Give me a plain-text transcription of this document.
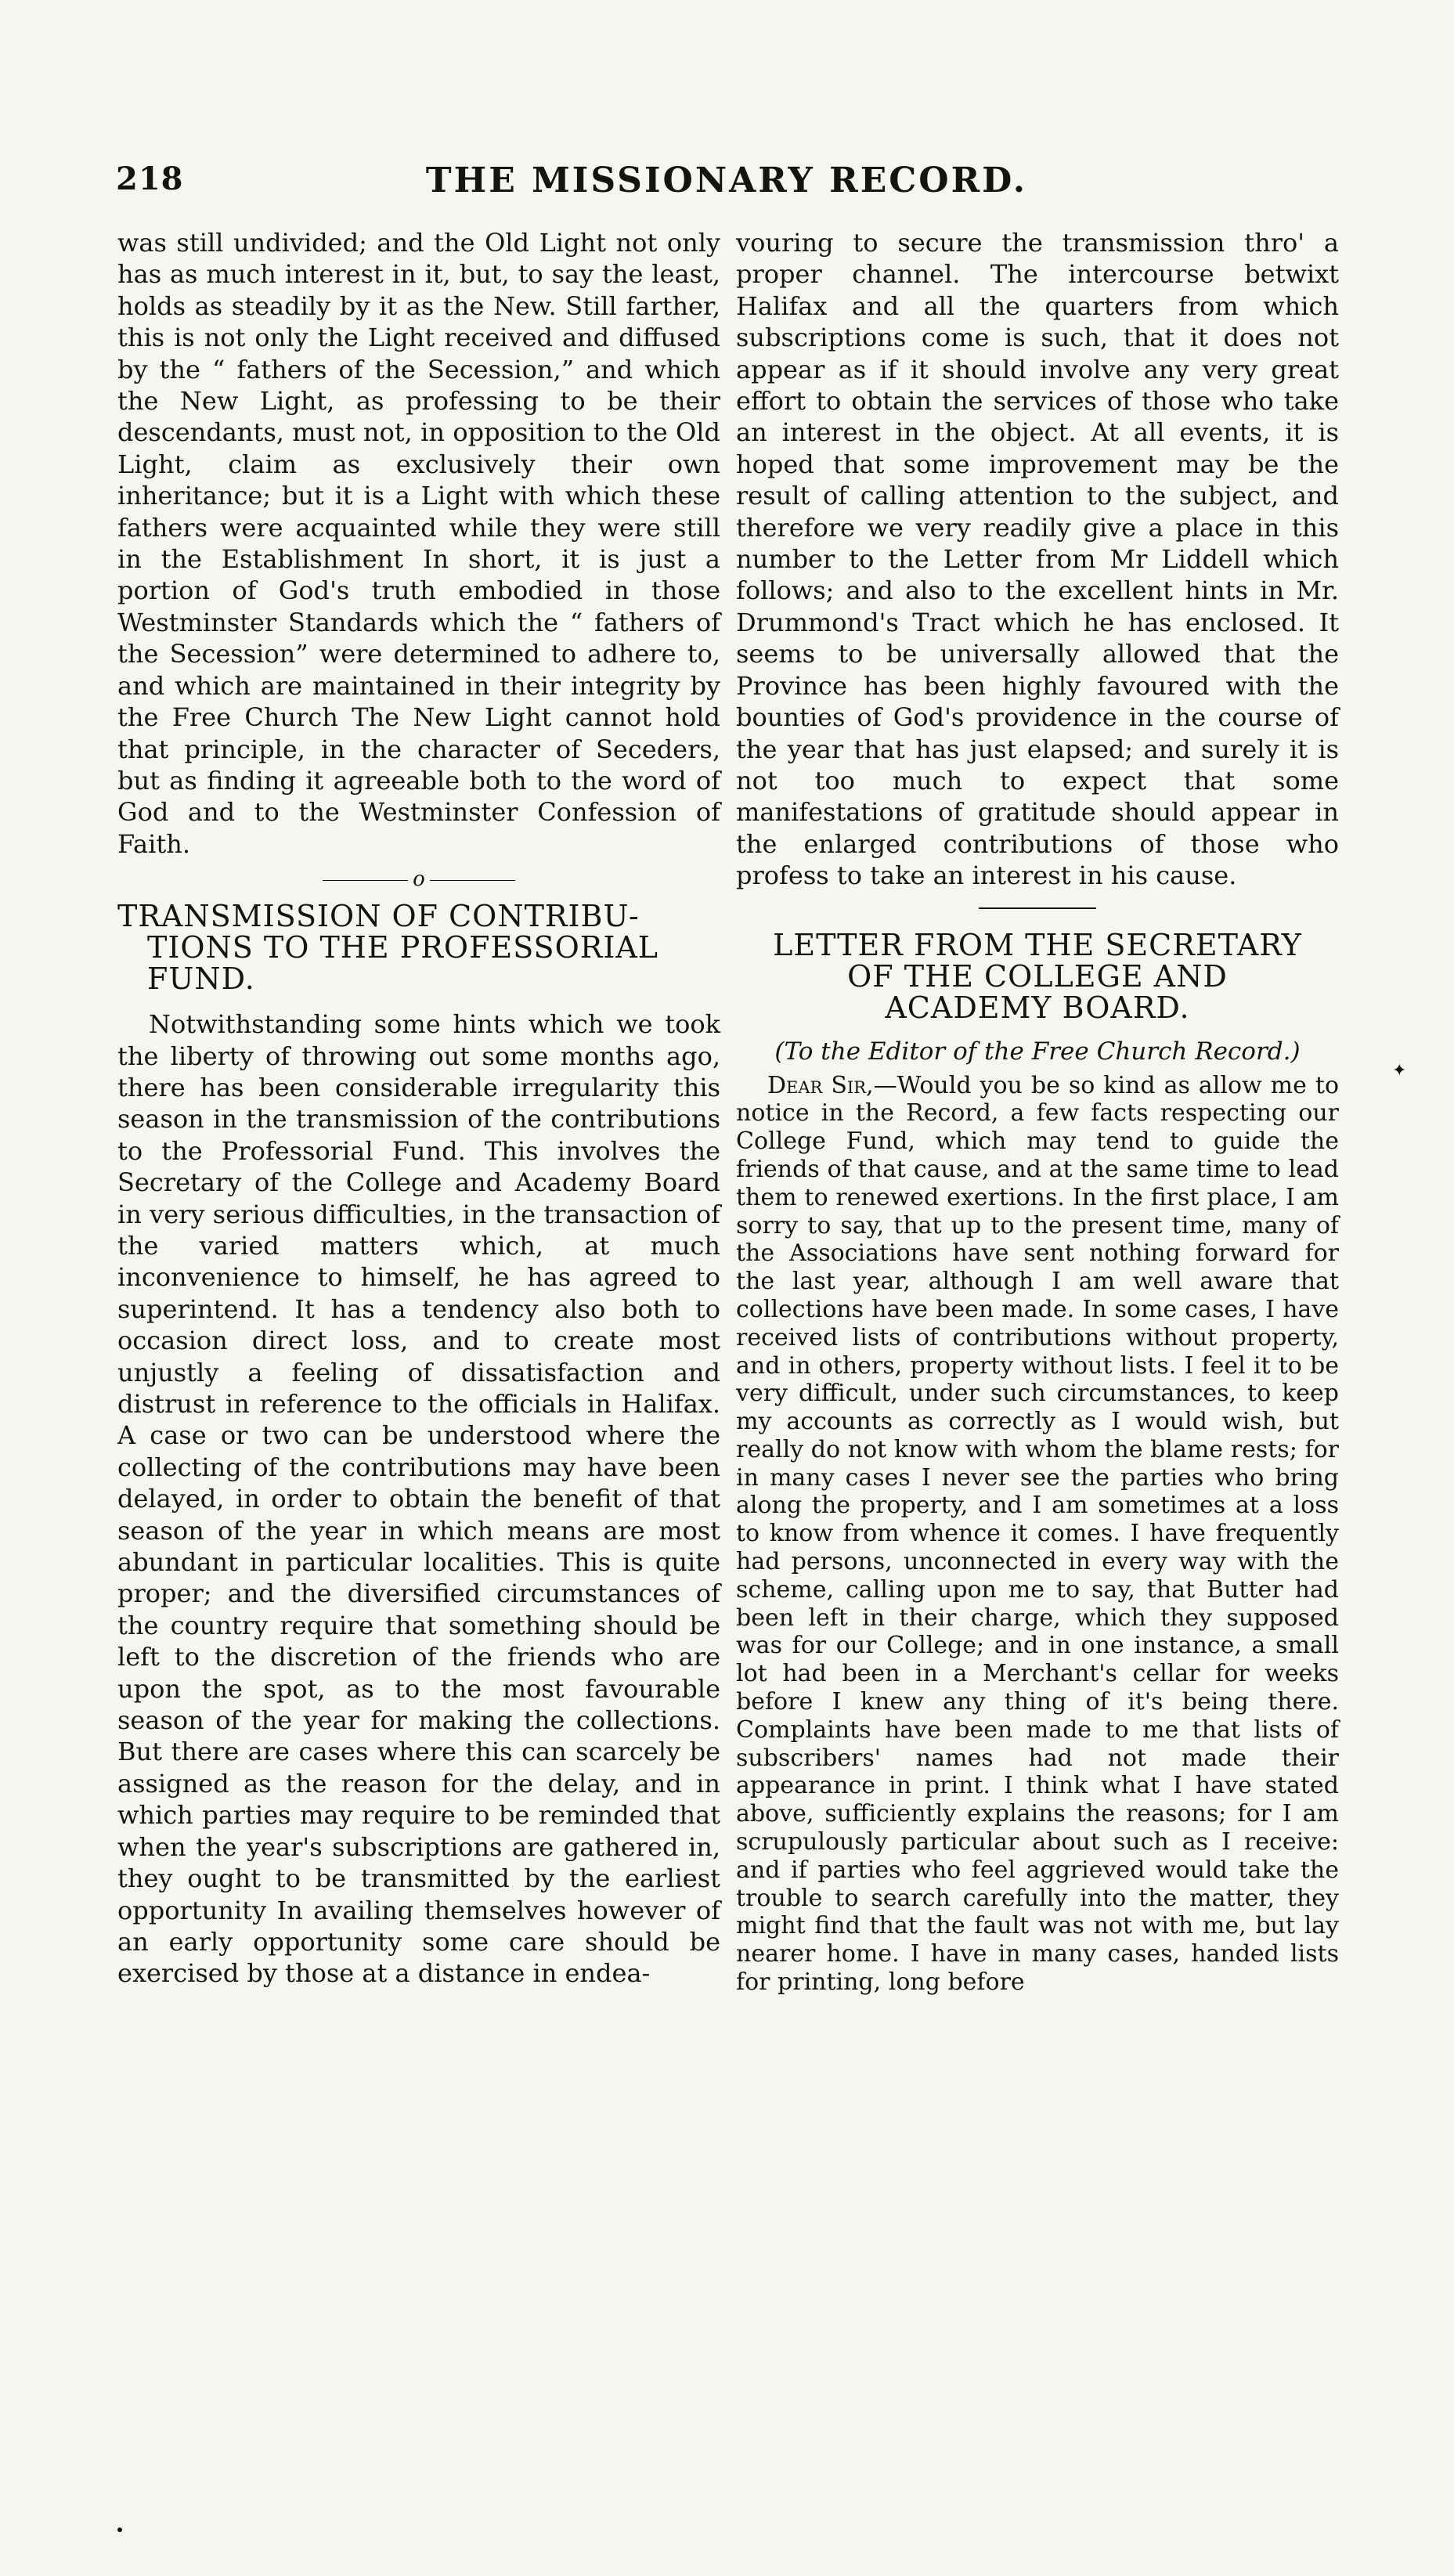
218	THE MISSIONARY RECORD.

was still undivided; and the Old Light not only has as much interest in it, but, to say the least, holds as steadily by it as the New. Still farther, this is not only the Light received and diffused by the “ fathers of the Secession,” and which the New Light, as professing to be their descendants, must not, in opposition to the Old Light, claim as exclusively their own inheritance; but it is a Light with which these fathers were acquainted while they were still in the Establishment In short, it is just a portion of God's truth embodied in those Westminster Standards which the “ fathers of the Secession” were determined to adhere to, and which are maintained in their integrity by the Free Church The New Light cannot hold that principle, in the character of Seceders, but as finding it agreeable both to the word of God and to the Westminster Confession of Faith.

o
TRANSMISSION OF CONTRIBU-
TIONS TO THE PROFESSORIAL
FUND.

Notwithstanding some hints which we took the liberty of throwing out some months ago, there has been considerable irregularity this season in the transmission of the contributions to the Professorial Fund. This involves the Secretary of the College and Academy Board in very serious difficulties, in the transaction of the varied matters which, at much inconvenience to himself, he has agreed to superintend. It has a tendency also both to occasion direct loss, and to create most unjustly a feeling of dissatisfaction and distrust in reference to the officials in Halifax. A case or two can be understood where the collecting of the contributions may have been delayed, in order to obtain the benefit of that season of the year in which means are most abundant in particular localities. This is quite proper; and the diversified circumstances of the country require that something should be left to the discretion of the friends who are upon the spot, as to the most favourable season of the year for making the collections. But there are cases where this can scarcely be assigned as the reason for the delay, and in which parties may require to be reminded that when the year's subscriptions are gathered in, they ought to be transmitted by the earliest opportunity In availing themselves however of an early opportunity some care should be exercised by those at a distance in endea-

vouring to secure the transmission thro' a proper channel. The intercourse betwixt Halifax and all the quarters from which subscriptions come is such, that it does not appear as if it should involve any very great effort to obtain the services of those who take an interest in the object. At all events, it is hoped that some improvement may be the result of calling attention to the subject, and therefore we very readily give a place in this number to the Letter from Mr Liddell which follows; and also to the excellent hints in Mr. Drummond's Tract which he has enclosed. It seems to be universally allowed that the Province has been highly favoured with the bounties of God's providence in the course of the year that has just elapsed; and surely it is not too much to expect that some manifestations of gratitude should appear in the enlarged contributions of those who profess to take an interest in his cause.

LETTER FROM THE SECRETARY
OF THE COLLEGE AND
ACADEMY BOARD.
(To the Editor of the Free Church Record.)

Dear Sir,—Would you be so kind as allow me to notice in the Record, a few facts respecting our College Fund, which may tend to guide the friends of that cause, and at the same time to lead them to renewed exertions. In the first place, I am sorry to say, that up to the present time, many of the Associations have sent nothing forward for the last year, although I am well aware that collections have been made. In some cases, I have received lists of contributions without property, and in others, property without lists. I feel it to be very difficult, under such circumstances, to keep my accounts as correctly as I would wish, but really do not know with whom the blame rests; for in many cases I never see the parties who bring along the property, and I am sometimes at a loss to know from whence it comes. I have frequently had persons, unconnected in every way with the scheme, calling upon me to say, that Butter had been left in their charge, which they supposed was for our College; and in one instance, a small lot had been in a Merchant's cellar for weeks before I knew any thing of it's being there. Complaints have been made to me that lists of subscribers' names had not made their appearance in print. I think what I have stated above, sufficiently explains the reasons; for I am scrupulously particular about such as I receive: and if parties who feel aggrieved would take the trouble to search carefully into the matter, they might find that the fault was not with me, but lay nearer home. I have in many cases, handed lists for printing, long before

✦
